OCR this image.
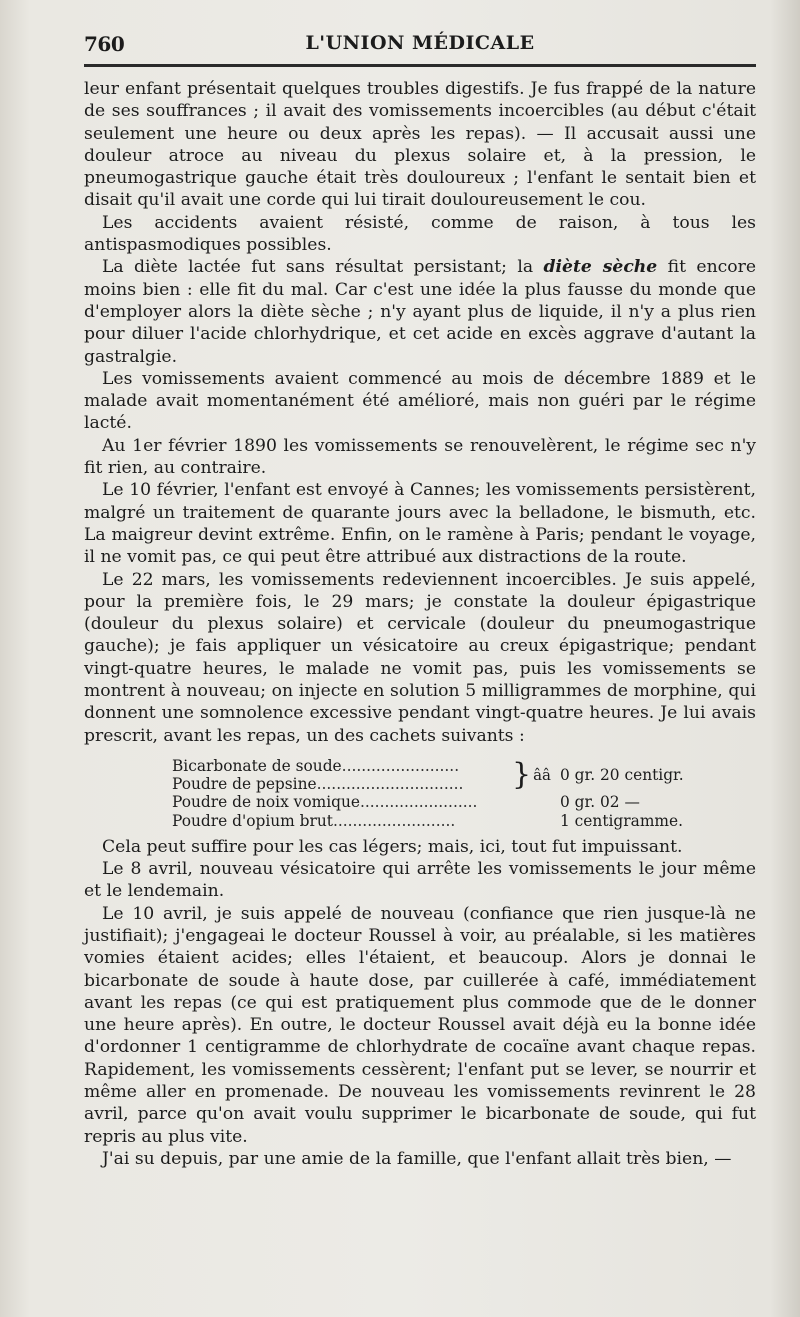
760	L'UNION MÉDICALE

leur enfant présentait quelques troubles digestifs. Je fus frappé de la nature de ses souffrances ; il avait des vomissements incoercibles (au début c'était seulement une heure ou deux après les repas). — Il accusait aussi une douleur atroce au niveau du plexus solaire et, à la pression, le pneumogastrique gauche était très douloureux ; l'enfant le sentait bien et disait qu'il avait une corde qui lui tirait douloureusement le cou.

Les accidents avaient résisté, comme de raison, à tous les antispasmodiques possibles.

La diète lactée fut sans résultat persistant; la diète sèche fit encore moins bien : elle fit du mal. Car c'est une idée la plus fausse du monde que d'employer alors la diète sèche ; n'y ayant plus de liquide, il n'y a plus rien pour diluer l'acide chlorhydrique, et cet acide en excès aggrave d'autant la gastralgie.

Les vomissements avaient commencé au mois de décembre 1889 et le malade avait momentanément été amélioré, mais non guéri par le régime lacté.

Au 1er février 1890 les vomissements se renouvelèrent, le régime sec n'y fit rien, au contraire.

Le 10 février, l'enfant est envoyé à Cannes; les vomissements persistèrent, malgré un traitement de quarante jours avec la belladone, le bismuth, etc. La maigreur devint extrême. Enfin, on le ramène à Paris; pendant le voyage, il ne vomit pas, ce qui peut être attribué aux distractions de la route.

Le 22 mars, les vomissements redeviennent incoercibles. Je suis appelé, pour la première fois, le 29 mars; je constate la douleur épigastrique (douleur du plexus solaire) et cervicale (douleur du pneumogastrique gauche); je fais appliquer un vésicatoire au creux épigastrique; pendant vingt-quatre heures, le malade ne vomit pas, puis les vomissements se montrent à nouveau; on injecte en solution 5 milligrammes de morphine, qui donnent une somnolence excessive pendant vingt-quatre heures. Je lui avais prescrit, avant les repas, un des cachets suivants :

Bicarbonate de soude........................	} ââ 0 gr. 20 centigr.
Poudre de pepsine..............................
Poudre de noix vomique........................	0 gr. 02 —
Poudre d'opium brut.........................	1 centigramme.

Cela peut suffire pour les cas légers; mais, ici, tout fut impuissant.

Le 8 avril, nouveau vésicatoire qui arrête les vomissements le jour même et le lendemain.

Le 10 avril, je suis appelé de nouveau (confiance que rien jusque-là ne justifiait); j'engageai le docteur Roussel à voir, au préalable, si les matières vomies étaient acides; elles l'étaient, et beaucoup. Alors je donnai le bicarbonate de soude à haute dose, par cuillerée à café, immédiatement avant les repas (ce qui est pratiquement plus commode que de le donner une heure après). En outre, le docteur Roussel avait déjà eu la bonne idée d'ordonner 1 centigramme de chlorhydrate de cocaïne avant chaque repas. Rapidement, les vomissements cessèrent; l'enfant put se lever, se nourrir et même aller en promenade. De nouveau les vomissements revinrent le 28 avril, parce qu'on avait voulu supprimer le bicarbonate de soude, qui fut repris au plus vite.

J'ai su depuis, par une amie de la famille, que l'enfant allait très bien, —
